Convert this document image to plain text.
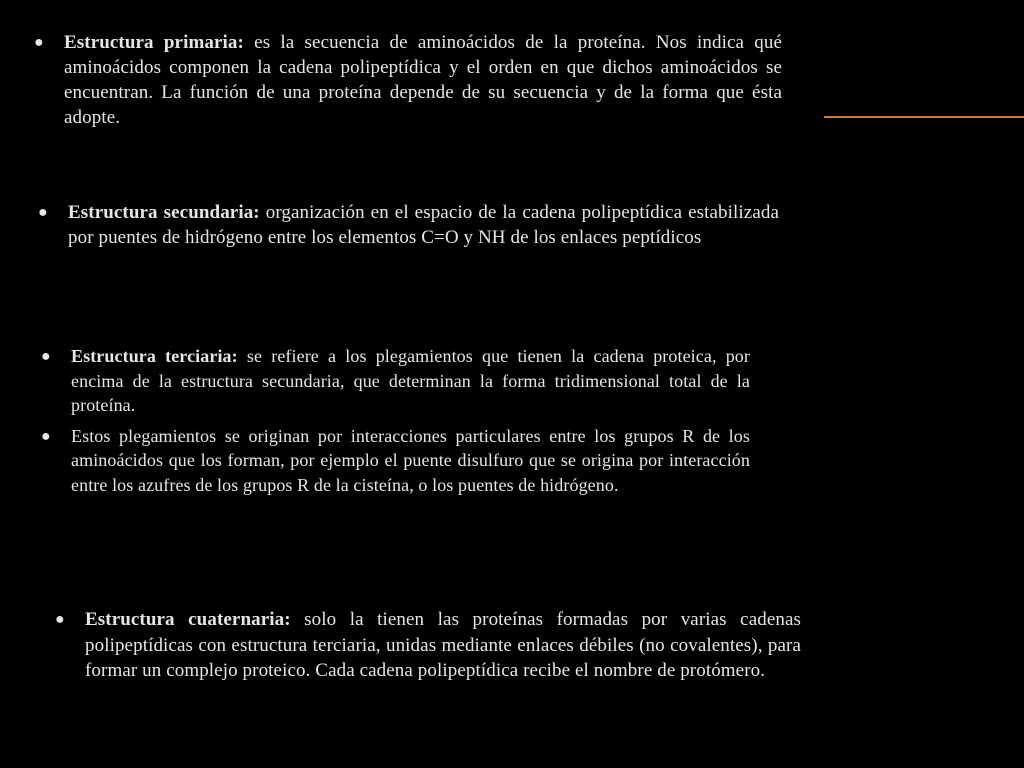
●	Estructura primaria: es la secuencia de aminoácidos de la proteína. Nos indica qué aminoácidos componen la cadena polipeptídica y el orden en que dichos aminoácidos se encuentran. La función de una proteína depende de su secuencia y de la forma que ésta adopte.
●	Estructura secundaria: organización en el espacio de la cadena polipeptídica estabilizada por puentes de hidrógeno entre los elementos C=O y NH de los enlaces peptídicos
●	Estructura terciaria: se refiere a los plegamientos que tienen la cadena proteica, por encima de la estructura secundaria, que determinan la forma tridimensional total de la proteína.
●	Estos plegamientos se originan por interacciones particulares entre los grupos R de los aminoácidos que los forman, por ejemplo el puente disulfuro que se origina por interacción entre los azufres de los grupos R de la cisteína, o los puentes de hidrógeno.
●	Estructura cuaternaria: solo la tienen las proteínas formadas por varias cadenas polipeptídicas con estructura terciaria, unidas mediante enlaces débiles (no covalentes), para formar un complejo proteico. Cada cadena polipeptídica recibe el nombre de protómero.
